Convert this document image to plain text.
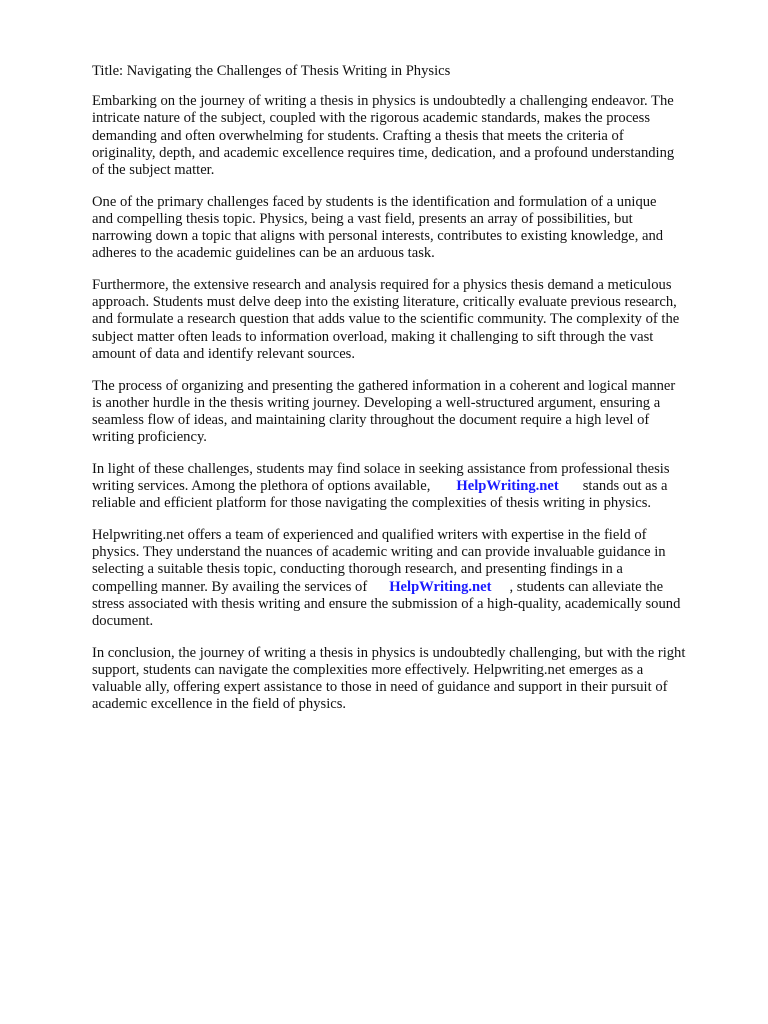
Title: Navigating the Challenges of Thesis Writing in Physics

Embarking on the journey of writing a thesis in physics is undoubtedly a challenging endeavor. The
intricate nature of the subject, coupled with the rigorous academic standards, makes the process
demanding and often overwhelming for students. Crafting a thesis that meets the criteria of
originality, depth, and academic excellence requires time, dedication, and a profound understanding
of the subject matter.

One of the primary challenges faced by students is the identification and formulation of a unique
and compelling thesis topic. Physics, being a vast field, presents an array of possibilities, but
narrowing down a topic that aligns with personal interests, contributes to existing knowledge, and
adheres to the academic guidelines can be an arduous task.

Furthermore, the extensive research and analysis required for a physics thesis demand a meticulous
approach. Students must delve deep into the existing literature, critically evaluate previous research,
and formulate a research question that adds value to the scientific community. The complexity of the
subject matter often leads to information overload, making it challenging to sift through the vast
amount of data and identify relevant sources.

The process of organizing and presenting the gathered information in a coherent and logical manner
is another hurdle in the thesis writing journey. Developing a well-structured argument, ensuring a
seamless flow of ideas, and maintaining clarity throughout the document require a high level of
writing proficiency.

In light of these challenges, students may find solace in seeking assistance from professional thesis
writing services. Among the plethora of options available, HelpWriting.net stands out as a
reliable and efficient platform for those navigating the complexities of thesis writing in physics.

Helpwriting.net offers a team of experienced and qualified writers with expertise in the field of
physics. They understand the nuances of academic writing and can provide invaluable guidance in
selecting a suitable thesis topic, conducting thorough research, and presenting findings in a
compelling manner. By availing the services of HelpWriting.net , students can alleviate the
stress associated with thesis writing and ensure the submission of a high-quality, academically sound
document.

In conclusion, the journey of writing a thesis in physics is undoubtedly challenging, but with the right
support, students can navigate the complexities more effectively. Helpwriting.net emerges as a
valuable ally, offering expert assistance to those in need of guidance and support in their pursuit of
academic excellence in the field of physics.
